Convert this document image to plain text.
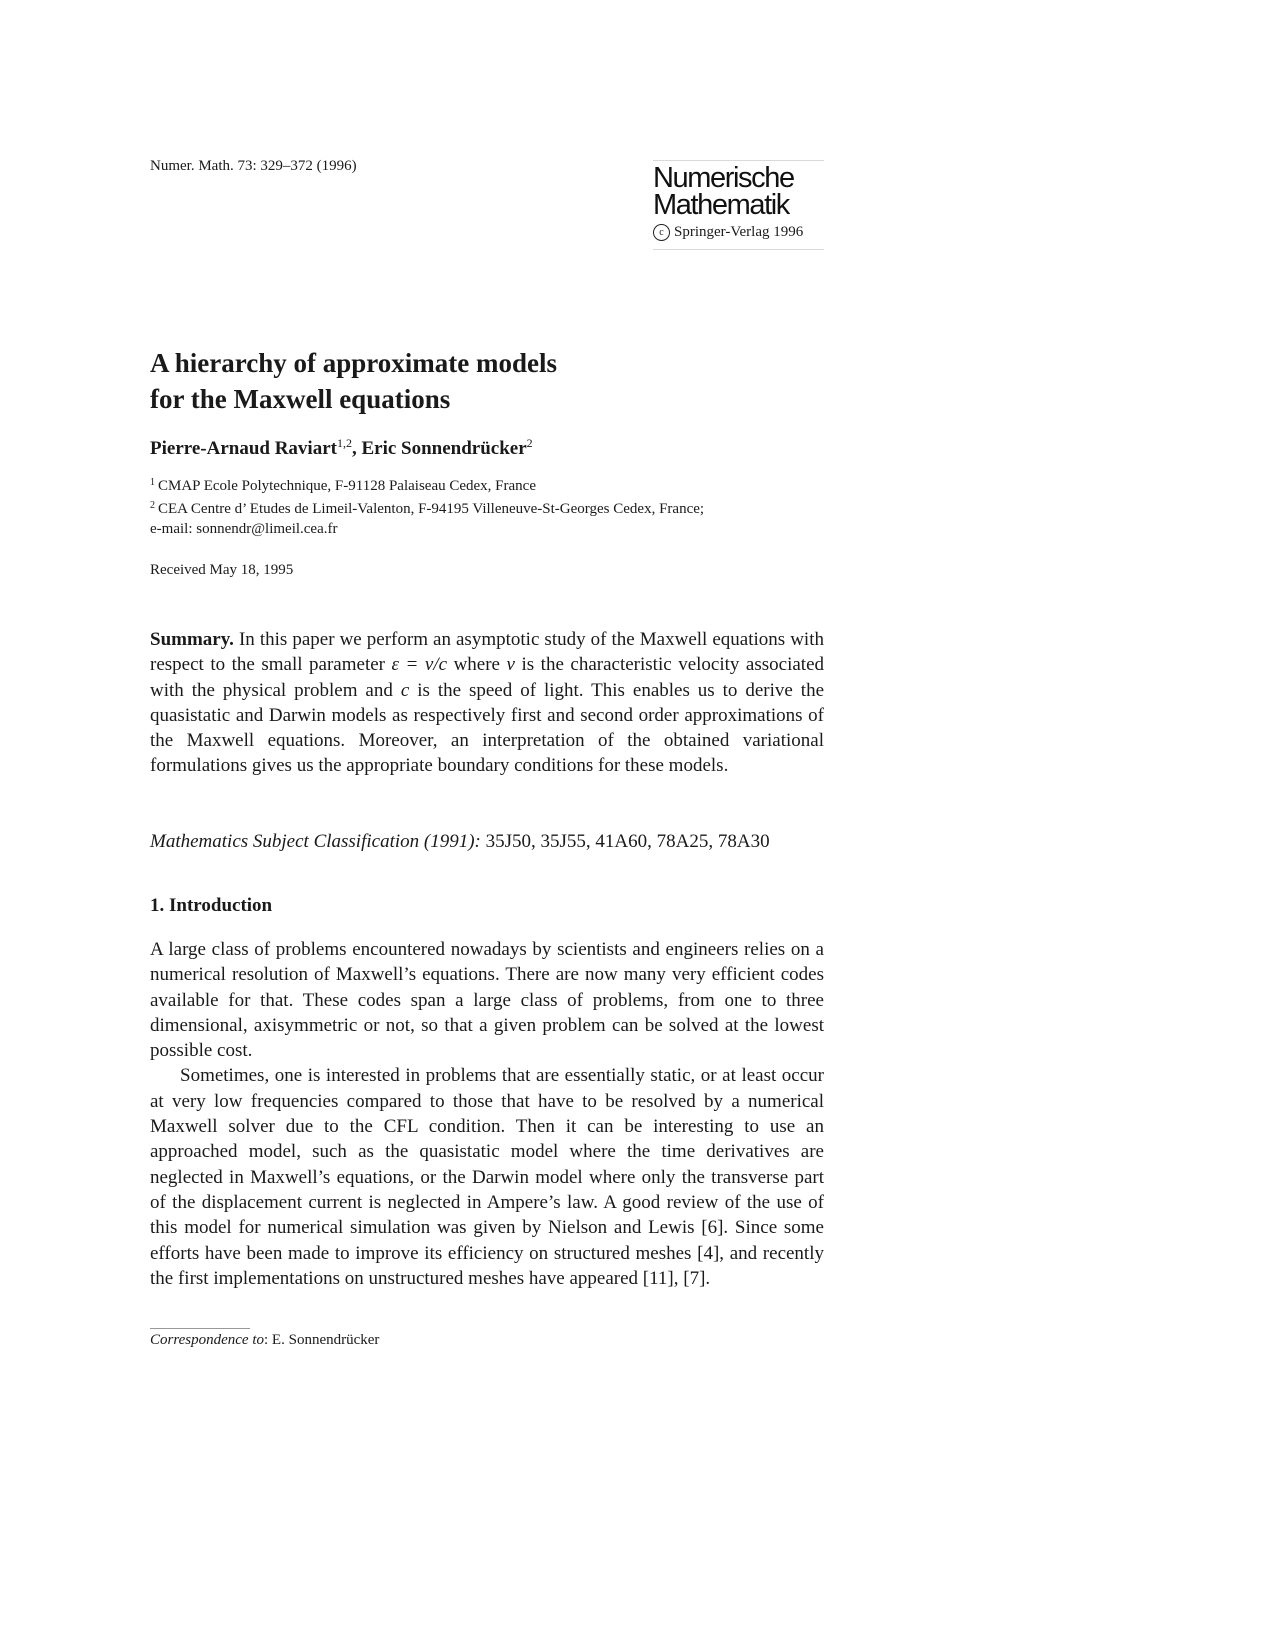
Numer. Math. 73: 329–372 (1996)	Numerische
Mathematik
c Springer-Verlag 1996
A hierarchy of approximate models
for the Maxwell equations
Pierre-Arnaud Raviart$^{1,2}$, Eric Sonnendrücker$^2$
$^1$ CMAP Ecole Polytechnique, F-91128 Palaiseau Cedex, France
$^2$ CEA Centre d’ Etudes de Limeil-Valenton, F-94195 Villeneuve-St-Georges Cedex, France;
e-mail: sonnendr@limeil.cea.fr
Received May 18, 1995
Summary. In this paper we perform an asymptotic study of the Maxwell equations with respect to the small parameter ε = v/c where v is the characteristic velocity associated with the physical problem and c is the speed of light. This enables us to derive the quasistatic and Darwin models as respectively first and second order approximations of the Maxwell equations. Moreover, an interpretation of the obtained variational formulations gives us the appropriate boundary conditions for these models.
Mathematics Subject Classification (1991): 35J50, 35J55, 41A60, 78A25, 78A30
1. Introduction

A large class of problems encountered nowadays by scientists and engineers relies on a numerical resolution of Maxwell’s equations. There are now many very efficient codes available for that. These codes span a large class of problems, from one to three dimensional, axisymmetric or not, so that a given problem can be solved at the lowest possible cost.

Sometimes, one is interested in problems that are essentially static, or at least occur at very low frequencies compared to those that have to be resolved by a numerical Maxwell solver due to the CFL condition. Then it can be interesting to use an approached model, such as the quasistatic model where the time derivatives are neglected in Maxwell’s equations, or the Darwin model where only the transverse part of the displacement current is neglected in Ampere’s law. A good review of the use of this model for numerical simulation was given by Nielson and Lewis [6]. Since some efforts have been made to improve its efficiency on structured meshes [4], and recently the first implementations on unstructured meshes have appeared [11], [7].

Correspondence to: E. Sonnendrücker
